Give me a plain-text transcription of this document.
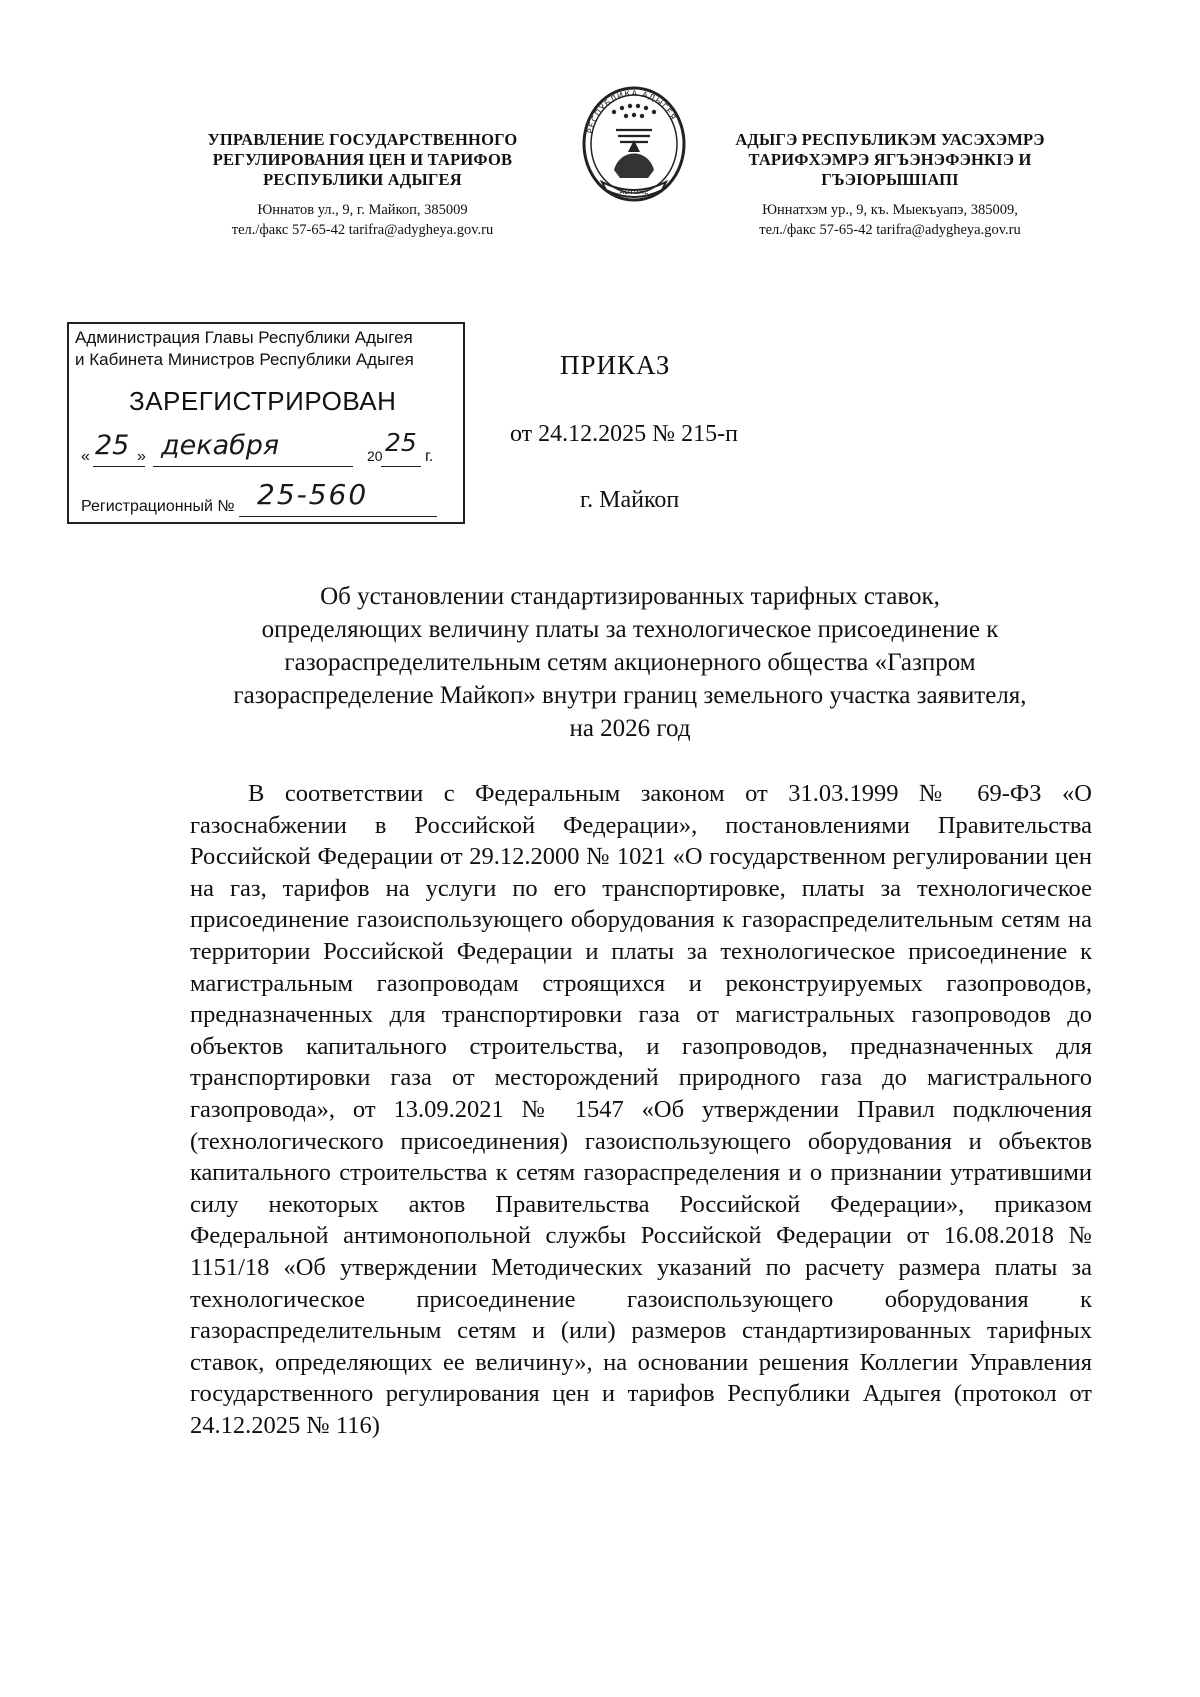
УПРАВЛЕНИЕ ГОСУДАРСТВЕННОГО
РЕГУЛИРОВАНИЯ ЦЕН И ТАРИФОВ
РЕСПУБЛИКИ АДЫГЕЯ
Юннатов ул., 9, г. Майкоп, 385009
тел./факс 57-65-42 tarifra@adygheya.gov.ru
РЕСПУБЛИКА АДЫГЕЯ
ADYGHE
АДЫГЭ РЕСПУБЛИКЭМ УАСЭХЭМРЭ
ТАРИФХЭМРЭ ЯГЪЭНЭФЭНКIЭ И
ГЪЭIОРЫШIАПI
Юннатхэм ур., 9, къ. Мыекъуапэ, 385009,
тел./факс 57-65-42 tarifra@adygheya.gov.ru
Администрация Главы Республики Адыгея
и Кабинета Министров Республики Адыгея
ЗАРЕГИСТРИРОВАН
« 25 » декабря	20 25 г.
Регистрационный № 25-560
ПРИКАЗ
от 24.12.2025 № 215-п
г. Майкоп
Об установлении стандартизированных тарифных ставок,
определяющих величину платы за технологическое присоединение к
газораспределительным сетям акционерного общества «Газпром
газораспределение Майкоп» внутри границ земельного участка заявителя,
на 2026 год
В соответствии с Федеральным законом от 31.03.1999 № 69-ФЗ «О газоснабжении в Российской Федерации», постановлениями Правительства Российской Федерации от 29.12.2000 № 1021 «О государственном регулировании цен на газ, тарифов на услуги по его транспортировке, платы за технологическое присоединение газоиспользующего оборудования к газораспределительным сетям на территории Российской Федерации и платы за технологическое присоединение к магистральным газопроводам строящихся и реконструируемых газопроводов, предназначенных для транспортировки газа от магистральных газопроводов до объектов капитального строительства, и газопроводов, предназначенных для транспортировки газа от месторождений природного газа до магистрального газопровода», от 13.09.2021 № 1547 «Об утверждении Правил подключения (технологического присоединения) газоиспользующего оборудования и объектов капитального строительства к сетям газораспределения и о признании утратившими силу некоторых актов Правительства Российской Федерации», приказом Федеральной антимонопольной службы Российской Федерации от 16.08.2018 № 1151/18 «Об утверждении Методических указаний по расчету размера платы за технологическое присоединение газоиспользующего оборудования к газораспределительным сетям и (или) размеров стандартизированных тарифных ставок, определяющих ее величину», на основании решения Коллегии Управления государственного регулирования цен и тарифов Республики Адыгея (протокол от 24.12.2025 № 116)
